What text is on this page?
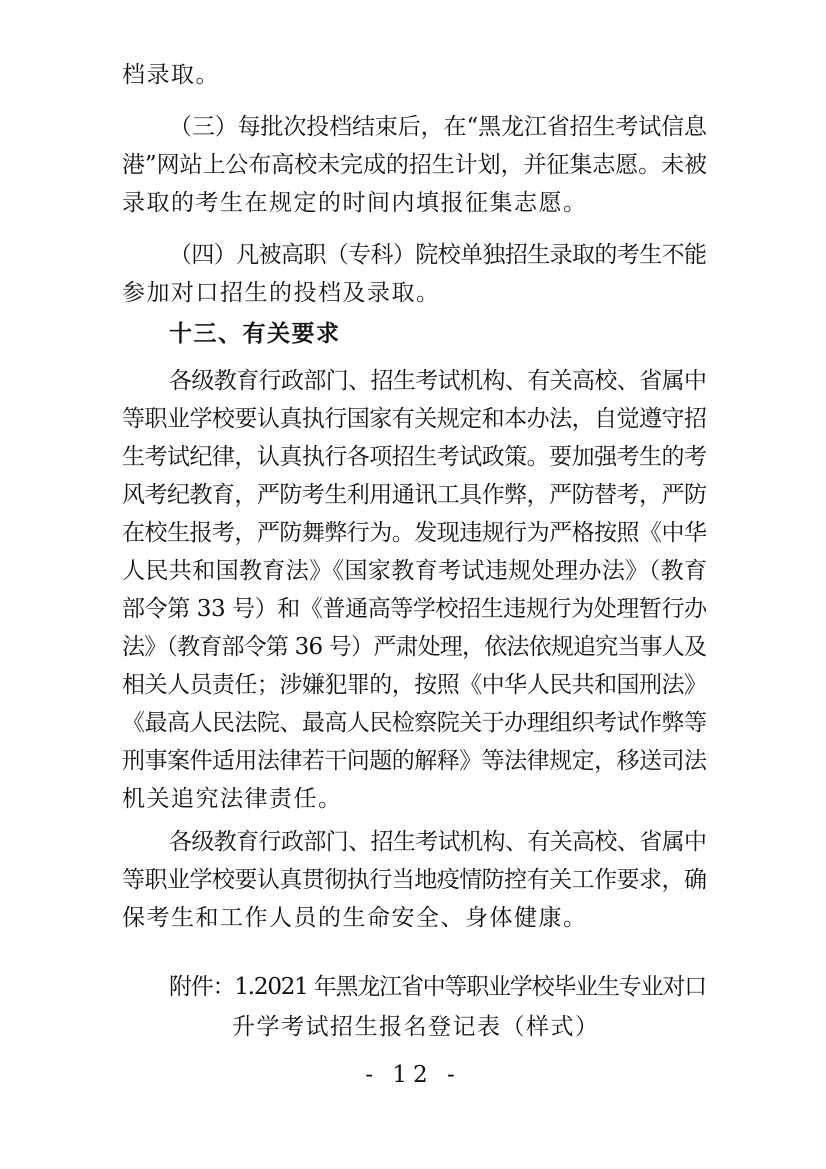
档录取。
（三）每批次投档结束后，在“黑龙江省招生考试信息
港”网站上公布高校未完成的招生计划，并征集志愿。未被
录取的考生在规定的时间内填报征集志愿。
（四）凡被高职（专科）院校单独招生录取的考生不能
参加对口招生的投档及录取。
十三、有关要求
各级教育行政部门、招生考试机构、有关高校、省属中
等职业学校要认真执行国家有关规定和本办法，自觉遵守招
生考试纪律，认真执行各项招生考试政策。要加强考生的考
风考纪教育，严防考生利用通讯工具作弊，严防替考，严防
在校生报考，严防舞弊行为。发现违规行为严格按照《中华
人民共和国教育法》《国家教育考试违规处理办法》（教育
部令第 33 号）和《普通高等学校招生违规行为处理暂行办
法》（教育部令第 36 号）严肃处理，依法依规追究当事人及
相关人员责任；涉嫌犯罪的，按照《中华人民共和国刑法》
《最高人民法院、最高人民检察院关于办理组织考试作弊等
刑事案件适用法律若干问题的解释》等法律规定，移送司法
机关追究法律责任。
各级教育行政部门、招生考试机构、有关高校、省属中
等职业学校要认真贯彻执行当地疫情防控有关工作要求，确
保考生和工作人员的生命安全、身体健康。
附件：1.2021 年黑龙江省中等职业学校毕业生专业对口
升学考试招生报名登记表（样式）
- 12 -
